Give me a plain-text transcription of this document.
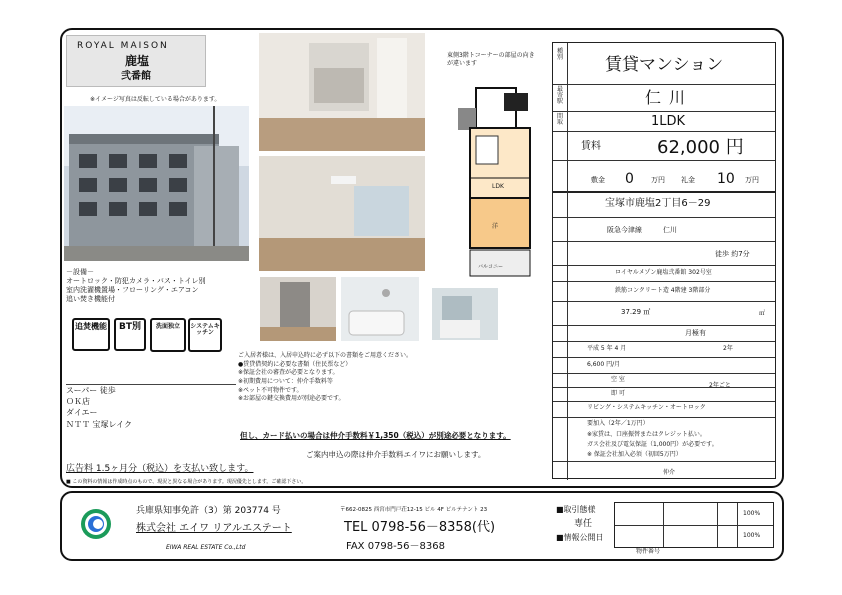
ROYAL MAISON
鹿塩
弐番館
※イメージ写真は反転している場合があります。
東側3階トコーナーの部屋の向きが違います
LDK
洋
バルコニー
－設備－
オートロック・防犯カメラ・バス・トイレ別
室内洗濯機置場・フローリング・エアコン
追い焚き機能付
追焚機能	BT別	洗面独立	システムキッチン
スーパー 徒歩
ＯＫ店
ダイエー
ＮＴＴ 宝塚レイク
ご入居者様は、入居申込時に必ず以下の書類をご用意ください。
●賃貸借契約に必要な書類（住民票など）
※保証会社の審査が必要となります。
※初期費用について：仲介手数料等
※ペット不可物件です。
※お部屋の鍵交換費用が別途必要です。
但し、カード払いの場合は仲介手数料￥1,350（税込）が別途必要となります。
ご案内申込の際は仲介手数料エイワにお願いします。
広告料 1.5ヶ月分（税込）を支払い致します。
■ この資料の情報は作成時点のもので、現況と異なる場合があります。現況優先とします。ご確認下さい。
種別 賃貸マンション
最寄駅	仁川
間取	1LDK
賃料	62,000 円
敷金 0 万円 礼金 10 万円
宝塚市鹿塩2丁目6－29
阪急今津線	仁川
徒歩 約7分
ロイヤルメゾン鹿塩弐番館 302号室
鉄筋コンクリート造 4階建 3階部分
37.29 ㎡	㎡
月極有
平成 5 年 4 月	2年
6,600 円/月
空 室
即 可
2年ごと
リビング・システムキッチン・オートロック
要加入（2年／1万円）
※家賃は、口座振替またはクレジット払い。
ガス会社及び電気保証（1,000円）が必要です。
※ 保証会社加入必須（初回5万円）
仲介
兵庫県知事免許（3）第 203774 号
株式会社 エイワ リアルエステート
EIWA REAL ESTATE Co.,Ltd
〒662-0825 西宮市門戸荘12-15 ビル 4F ビルテナント 23
TEL 0798-56－8358(代)
FAX 0798-56－8368
■取引態様
専任
■情報公開日
100%
100%
物件番号
